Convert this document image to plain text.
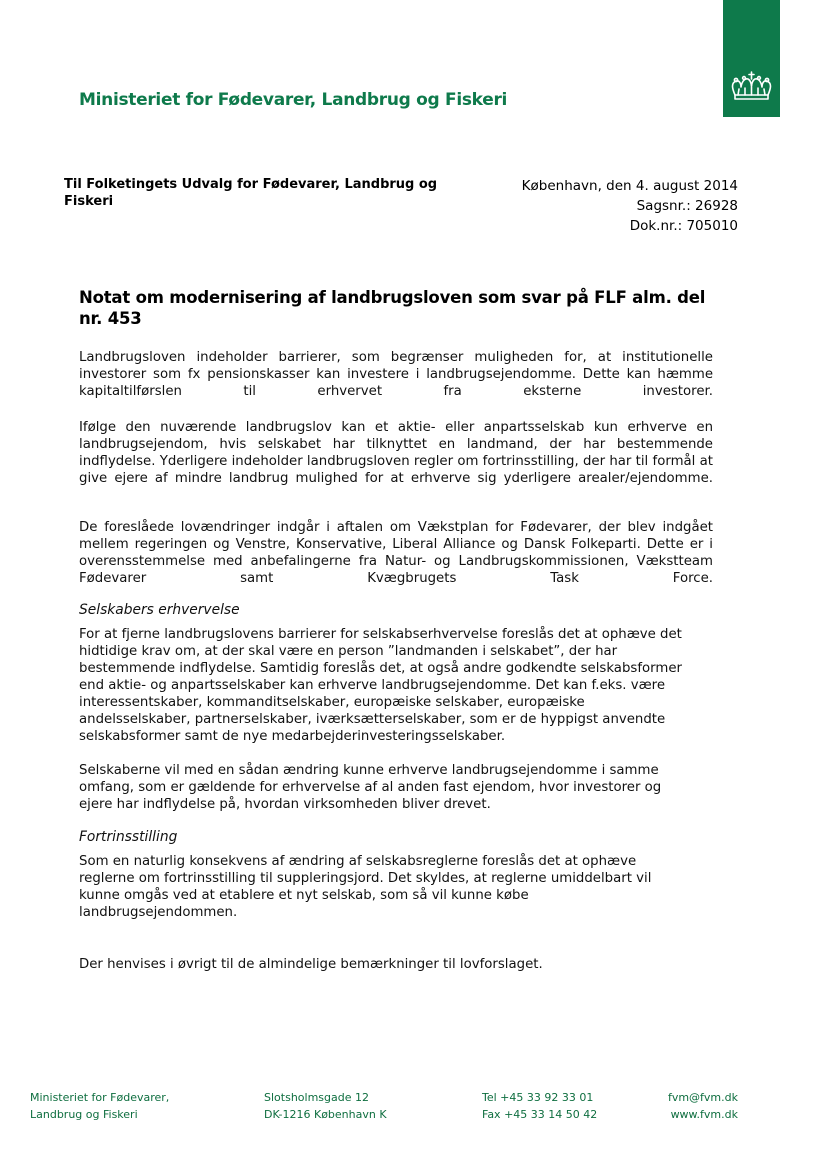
Ministeriet for Fødevarer, Landbrug og Fiskeri
Til Folketingets Udvalg for Fødevarer, Landbrug og Fiskeri
København, den 4. august 2014
Sagsnr.: 26928
Dok.nr.: 705010
Notat om modernisering af landbrugsloven som svar på FLF alm. del nr. 453
Landbrugsloven indeholder barrierer, som begrænser muligheden for, at institutionelle investorer som fx pensionskasser kan investere i landbrugsejendomme. Dette kan hæmme kapitaltilførslen til erhvervet fra eksterne investorer.
Ifølge den nuværende landbrugslov kan et aktie- eller anpartsselskab kun erhverve en landbrugsejendom, hvis selskabet har tilknyttet en landmand, der har bestemmende indflydelse. Yderligere indeholder landbrugsloven regler om fortrinsstilling, der har til formål at give ejere af mindre landbrug mulighed for at erhverve sig yderligere arealer/ejendomme.
De foreslåede lovændringer indgår i aftalen om Vækstplan for Fødevarer, der blev indgået mellem regeringen og Venstre, Konservative, Liberal Alliance og Dansk Folkeparti. Dette er i overensstemmelse med anbefalingerne fra Natur- og Landbrugskommissionen, Vækstteam Fødevarer samt Kvægbrugets Task Force.
Selskabers erhvervelse
For at fjerne landbrugslovens barrierer for selskabserhvervelse foreslås det at ophæve det
hidtidige krav om, at der skal være en person ”landmanden i selskabet”, der har
bestemmende indflydelse. Samtidig foreslås det, at også andre godkendte selskabsformer
end aktie- og anpartsselskaber kan erhverve landbrugsejendomme. Det kan f.eks. være
interessentskaber, kommanditselskaber, europæiske selskaber, europæiske
andelsselskaber, partnerselskaber, iværksætterselskaber, som er de hyppigst anvendte
selskabsformer samt de nye medarbejderinvesteringsselskaber.
Selskaberne vil med en sådan ændring kunne erhverve landbrugsejendomme i samme
omfang, som er gældende for erhvervelse af al anden fast ejendom, hvor investorer og
ejere har indflydelse på, hvordan virksomheden bliver drevet.
Fortrinsstilling
Som en naturlig konsekvens af ændring af selskabsreglerne foreslås det at ophæve
reglerne om fortrinsstilling til suppleringsjord. Det skyldes, at reglerne umiddelbart vil
kunne omgås ved at etablere et nyt selskab, som så vil kunne købe
landbrugsejendommen.
Der henvises i øvrigt til de almindelige bemærkninger til lovforslaget.
Ministeriet for Fødevarer,
Landbrug og Fiskeri
Slotsholmsgade 12
DK-1216 København K
Tel +45 33 92 33 01
Fax +45 33 14 50 42
fvm@fvm.dk
www.fvm.dk
